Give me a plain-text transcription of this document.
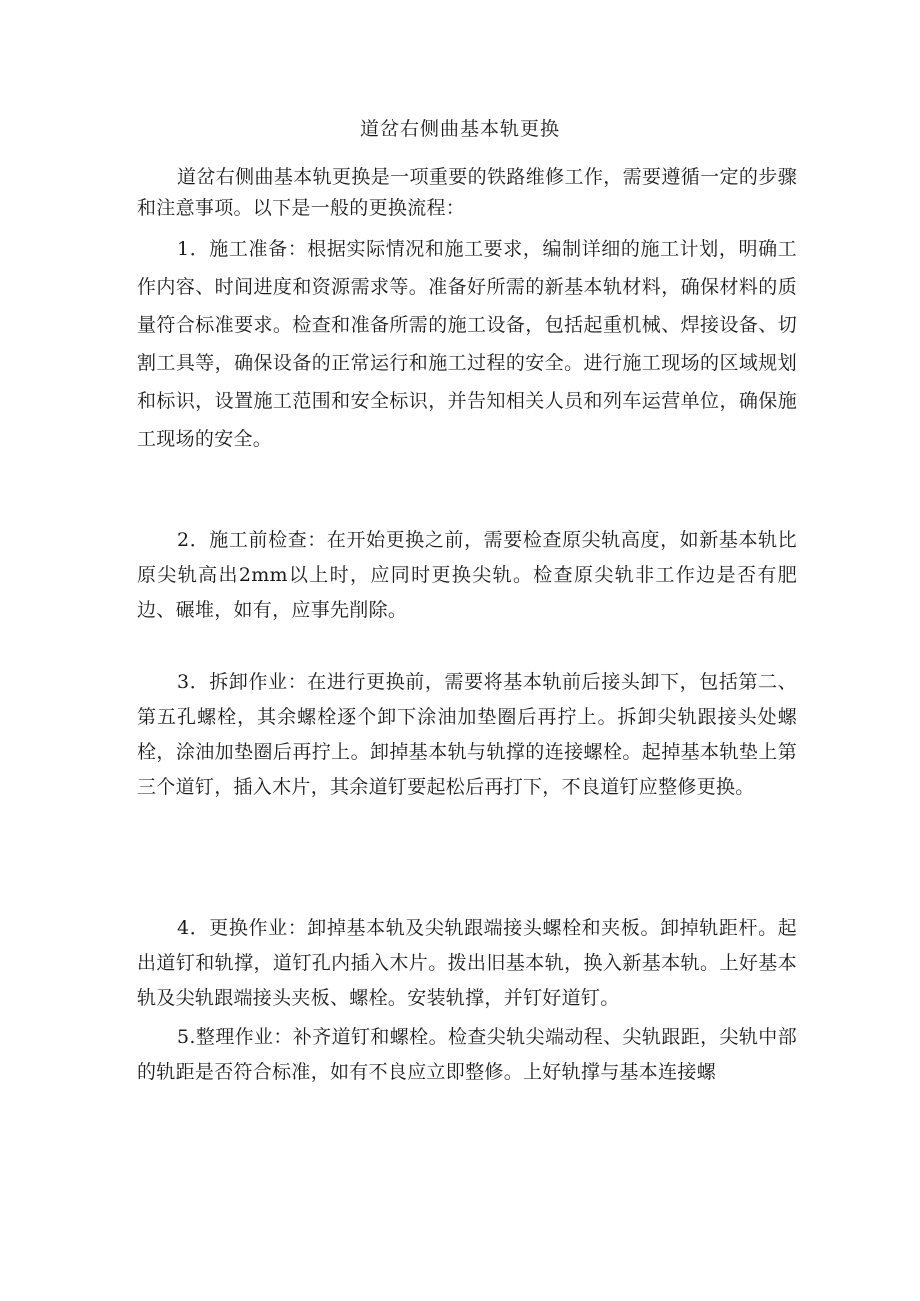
道岔右侧曲基本轨更换

道岔右侧曲基本轨更换是一项重要的铁路维修工作，需要遵循一定的步骤和注意事项。以下是一般的更换流程：

1．施工准备：根据实际情况和施工要求，编制详细的施工计划，明确工作内容、时间进度和资源需求等。准备好所需的新基本轨材料，确保材料的质量符合标准要求。检查和准备所需的施工设备，包括起重机械、焊接设备、切割工具等，确保设备的正常运行和施工过程的安全。进行施工现场的区域规划和标识，设置施工范围和安全标识，并告知相关人员和列车运营单位，确保施工现场的安全。

2．施工前检查：在开始更换之前，需要检查原尖轨高度，如新基本轨比原尖轨高出2mm以上时，应同时更换尖轨。检查原尖轨非工作边是否有肥边、碾堆，如有，应事先削除。

3．拆卸作业：在进行更换前，需要将基本轨前后接头卸下，包括第二、第五孔螺栓，其余螺栓逐个卸下涂油加垫圈后再拧上。拆卸尖轨跟接头处螺栓，涂油加垫圈后再拧上。卸掉基本轨与轨撑的连接螺栓。起掉基本轨垫上第三个道钉，插入木片，其余道钉要起松后再打下，不良道钉应整修更换。

4．更换作业：卸掉基本轨及尖轨跟端接头螺栓和夹板。卸掉轨距杆。起出道钉和轨撑，道钉孔内插入木片。拨出旧基本轨，换入新基本轨。上好基本轨及尖轨跟端接头夹板、螺栓。安装轨撑，并钉好道钉。

5.整理作业：补齐道钉和螺栓。检查尖轨尖端动程、尖轨跟距，尖轨中部的轨距是否符合标准，如有不良应立即整修。上好轨撑与基本连接螺
